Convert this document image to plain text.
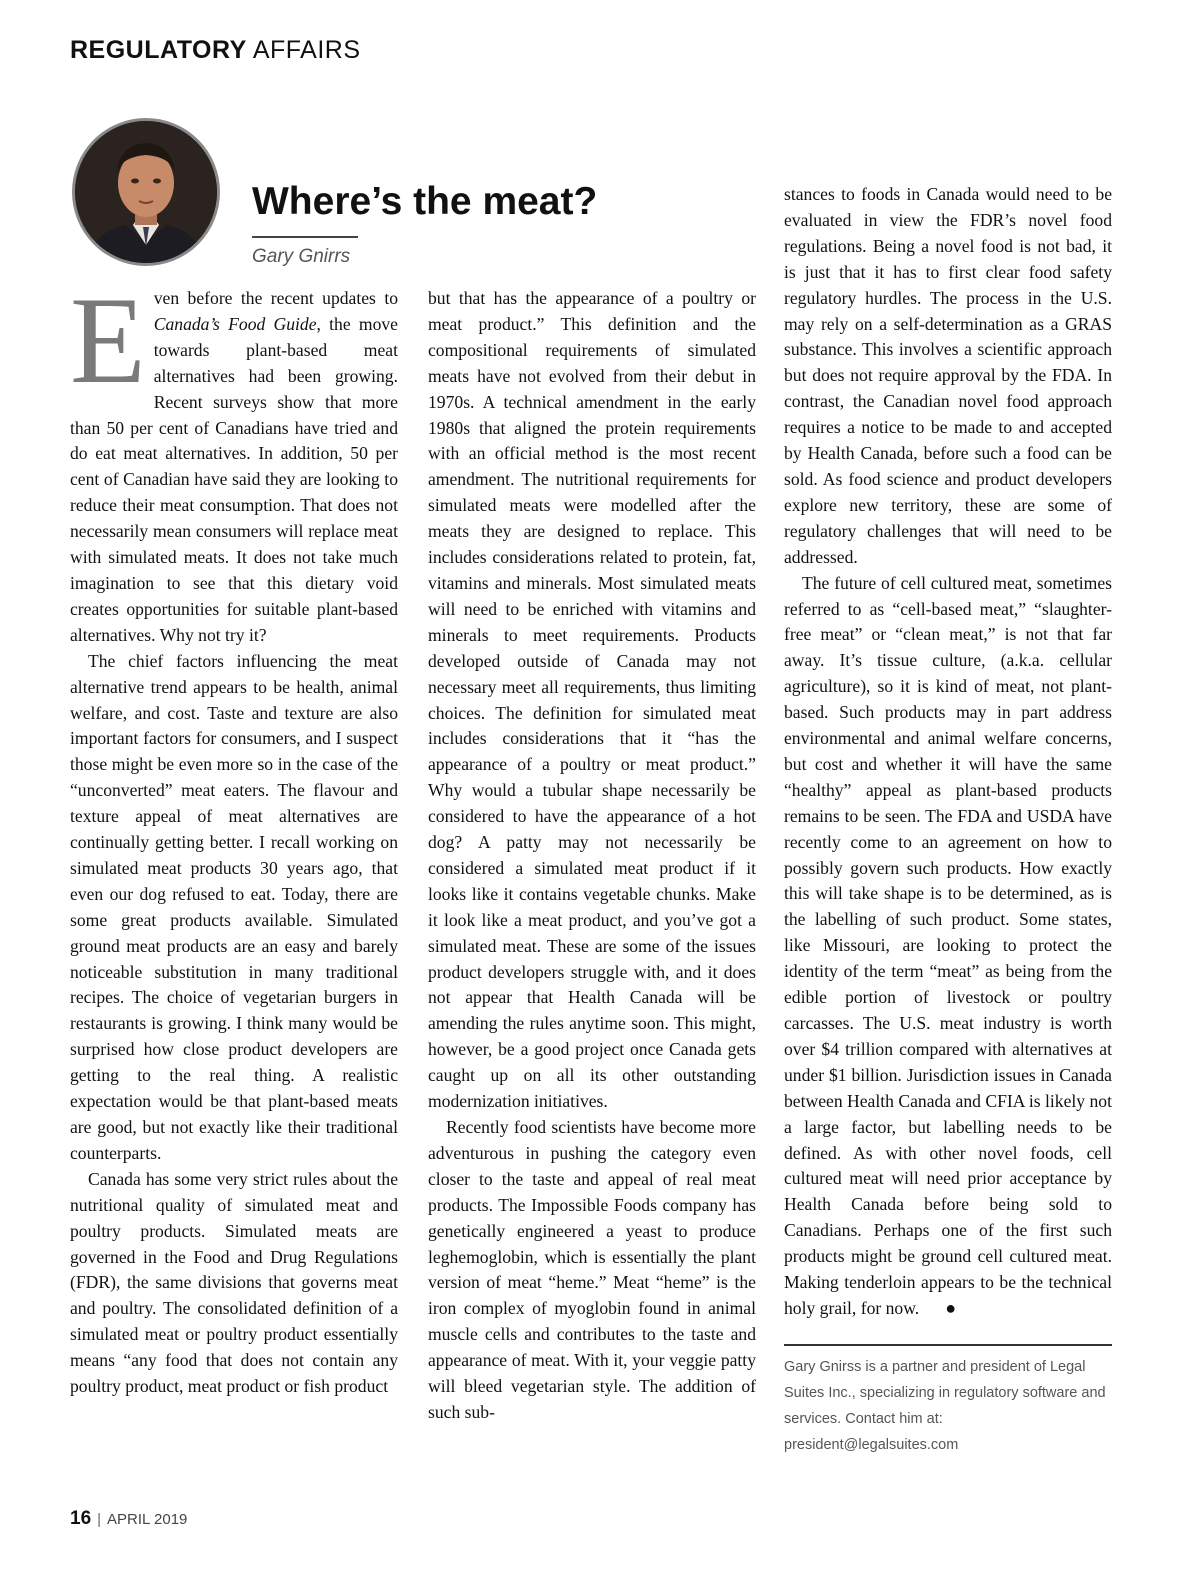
REGULATORY AFFAIRS
Where’s the meat?
Gary Gnirrs

Even before the recent updates to Canada’s Food Guide, the move towards plant-based meat alternatives had been growing. Recent surveys show that more than 50 per cent of Canadians have tried and do eat meat alternatives. In addition, 50 per cent of Canadian have said they are looking to reduce their meat consumption. That does not necessarily mean consumers will replace meat with simulated meats. It does not take much imagination to see that this dietary void creates opportunities for suitable plant-based alternatives. Why not try it?

The chief factors influencing the meat alternative trend appears to be health, animal welfare, and cost. Taste and texture are also important factors for consumers, and I suspect those might be even more so in the case of the “unconverted” meat eaters. The flavour and texture appeal of meat alternatives are continually getting better. I recall working on simulated meat products 30 years ago, that even our dog refused to eat. Today, there are some great products available. Simulated ground meat products are an easy and barely noticeable substitution in many traditional recipes. The choice of vegetarian burgers in restaurants is growing. I think many would be surprised how close product developers are getting to the real thing. A realistic expectation would be that plant-based meats are good, but not exactly like their traditional counterparts.

Canada has some very strict rules about the nutritional quality of simulated meat and poultry products. Simulated meats are governed in the Food and Drug Regulations (FDR), the same divisions that governs meat and poultry. The consolidated definition of a simulated meat or poultry product essentially means “any food that does not contain any poultry product, meat product or fish product

but that has the appearance of a poultry or meat product.” This definition and the compositional requirements of simulated meats have not evolved from their debut in 1970s. A technical amendment in the early 1980s that aligned the protein requirements with an official method is the most recent amendment. The nutritional requirements for simulated meats were modelled after the meats they are designed to replace. This includes considerations related to protein, fat, vitamins and minerals. Most simulated meats will need to be enriched with vitamins and minerals to meet requirements. Products developed outside of Canada may not necessary meet all requirements, thus limiting choices. The definition for simulated meat includes considerations that it “has the appearance of a poultry or meat product.” Why would a tubular shape necessarily be considered to have the appearance of a hot dog? A patty may not necessarily be considered a simulated meat product if it looks like it contains vegetable chunks. Make it look like a meat product, and you’ve got a simulated meat. These are some of the issues product developers struggle with, and it does not appear that Health Canada will be amending the rules anytime soon. This might, however, be a good project once Canada gets caught up on all its other outstanding modernization initiatives.

Recently food scientists have become more adventurous in pushing the category even closer to the taste and appeal of real meat products. The Impossible Foods company has genetically engineered a yeast to produce leghemoglobin, which is essentially the plant version of meat “heme.” Meat “heme” is the iron complex of myoglobin found in animal muscle cells and contributes to the taste and appearance of meat. With it, your veggie patty will bleed vegetarian style. The addition of such sub-

stances to foods in Canada would need to be evaluated in view the FDR’s novel food regulations. Being a novel food is not bad, it is just that it has to first clear food safety regulatory hurdles. The process in the U.S. may rely on a self-determination as a GRAS substance. This involves a scientific approach but does not require approval by the FDA. In contrast, the Canadian novel food approach requires a notice to be made to and accepted by Health Canada, before such a food can be sold. As food science and product developers explore new territory, these are some of regulatory challenges that will need to be addressed.

The future of cell cultured meat, sometimes referred to as “cell-based meat,” “slaughter-free meat” or “clean meat,” is not that far away. It’s tissue culture, (a.k.a. cellular agriculture), so it is kind of meat, not plant-based. Such products may in part address environmental and animal welfare concerns, but cost and whether it will have the same “healthy” appeal as plant-based products remains to be seen. The FDA and USDA have recently come to an agreement on how to possibly govern such products. How exactly this will take shape is to be determined, as is the labelling of such product. Some states, like Missouri, are looking to protect the identity of the term “meat” as being from the edible portion of livestock or poultry carcasses. The U.S. meat industry is worth over $4 trillion compared with alternatives at under $1 billion. Jurisdiction issues in Canada between Health Canada and CFIA is likely not a large factor, but labelling needs to be defined. As with other novel foods, cell cultured meat will need prior acceptance by Health Canada before being sold to Canadians. Perhaps one of the first such products might be ground cell cultured meat. Making tenderloin appears to be the technical holy grail, for now. ●

Gary Gnirss is a partner and president of Legal Suites Inc., specializing in regulatory software and services. Contact him at: president@legalsuites.com

16 | APRIL 2019
